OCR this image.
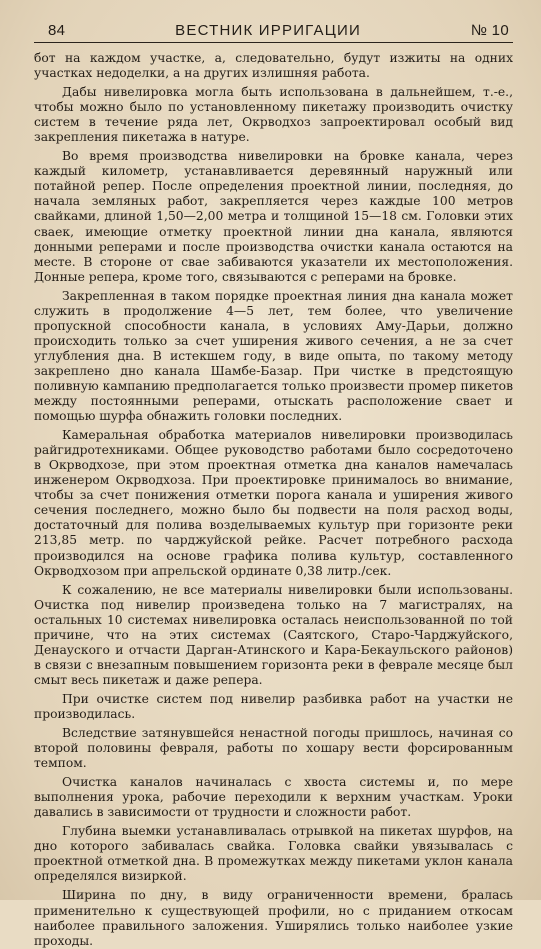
84	ВЕСТНИК ИРРИГАЦИИ	№ 10

бот на каждом участке, а, следовательно, будут изжиты на одних участках недоделки, а на других излишняя работа.

Дабы нивелировка могла быть использована в дальнейшем, т.-е., чтобы можно было по установленному пикетажу производить очистку систем в течение ряда лет, Окрводхоз запроектировал особый вид закрепления пикетажа в натуре.

Во время производства нивелировки на бровке канала, через каждый километр, устанавливается деревянный наружный или потайной репер. После определения проектной линии, последняя, до начала земляных работ, закрепляется через каждые 100 метров свайками, длиной 1,50—2,00 метра и толщиной 15—18 см. Головки этих сваек, имеющие отметку проектной линии дна канала, являются донными реперами и после производства очистки канала остаются на месте. В стороне от свае забиваются указатели их местоположения. Донные репера, кроме того, связываются с реперами на бровке.

Закрепленная в таком порядке проектная линия дна канала может служить в продолжение 4—5 лет, тем более, что увеличение пропускной способности канала, в условиях Аму-Дарьи, должно происходить только за счет уширения живого сечения, а не за счет углубления дна. В истекшем году, в виде опыта, по такому методу закреплено дно канала Шамбе-Базар. При чистке в предстоящую поливную кампанию предполагается только произвести промер пикетов между постоянными реперами, отыскать расположение свает и помощью шурфа обнажить головки последних.

Камеральная обработка материалов нивелировки производилась райгидротехниками. Общее руководство работами было сосредоточено в Окрводхозе, при этом проектная отметка дна каналов намечалась инженером Окрводхоза. При проектировке принималось во внимание, чтобы за счет понижения отметки порога канала и уширения живого сечения последнего, можно было бы подвести на поля расход воды, достаточный для полива возделываемых культур при горизонте реки 213,85 метр. по чарджуйской рейке. Расчет потребного расхода производился на основе графика полива культур, составленного Окрводхозом при апрельской ординате 0,38 литр./сек.

К сожалению, не все материалы нивелировки были использованы. Очистка под нивелир произведена только на 7 магистралях, на остальных 10 системах нивелировка осталась неиспользованной по той причине, что на этих системах (Саятского, Старо-Чарджуйского, Денауского и отчасти Дарган-Атинского и Кара-Бекаульского районов) в связи с внезапным повышением горизонта реки в феврале месяце был смыт весь пикетаж и даже репера.

При очистке систем под нивелир разбивка работ на участки не производилась.

Вследствие затянувшейся ненастной погоды пришлось, начиная со второй половины февраля, работы по хошару вести форсированным темпом.

Очистка каналов начиналась с хвоста системы и, по мере выполнения урока, рабочие переходили к верхним участкам. Уроки давались в зависимости от трудности и сложности работ.

Глубина выемки устанавливалась отрывкой на пикетах шурфов, на дно которого забивалась свайка. Головка свайки увязывалась с проектной отметкой дна. В промежутках между пикетами уклон канала определялся визиркой.

Ширина по дну, в виду ограниченности времени, бралась применительно к существующей профили, но с приданием откосам наиболее правильного заложения. Уширялись только наиболее узкие проходы.
